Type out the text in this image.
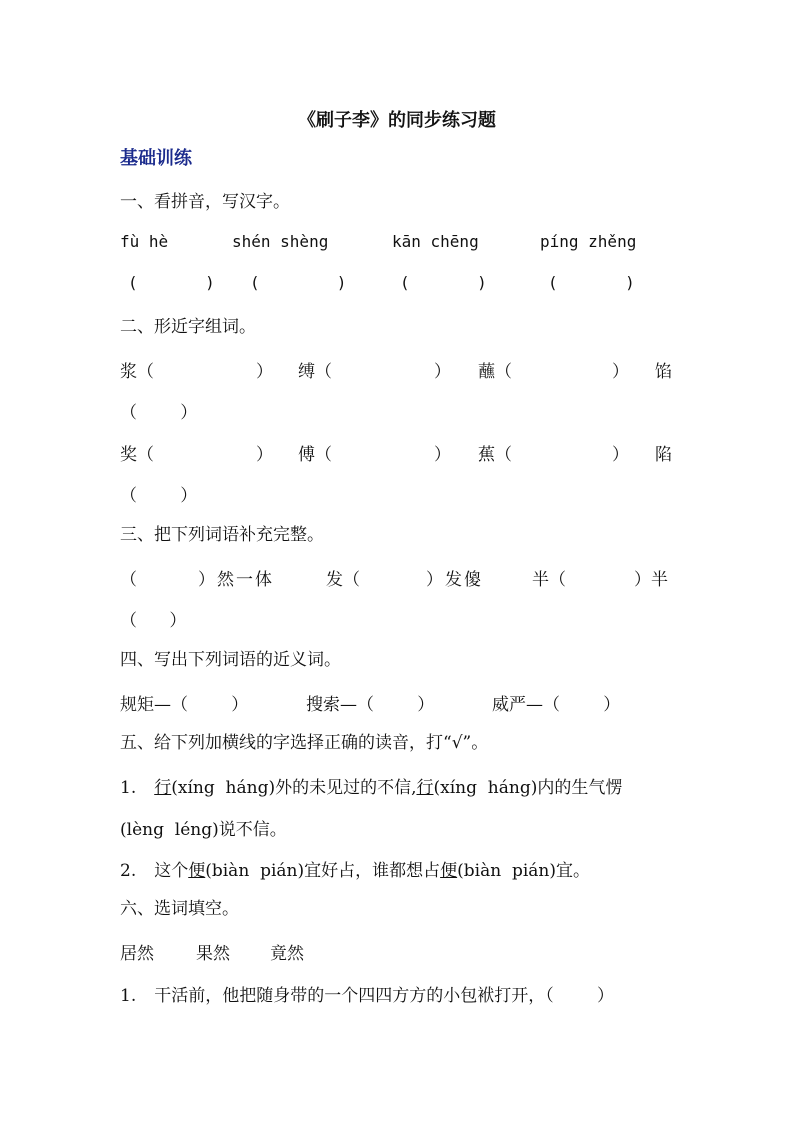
《刷子李》的同步练习题
基础训练
一、看拼音，写汉字。
fù hè	shén shèng	kān chēng	píng zhěng
(       ) (        )	(       )	(       )
二、形近字组词。
浆（	） 缚（	） 蘸（	） 馅
（        ）
奖（	） 傅（	） 蕉（	） 陷
（        ）
三、把下列词语补充完整。
（	）然一体	发（	）发傻	半（	）半
（      ）
四、写出下列词语的近义词。
规矩—（        ）	搜索—（        ）	威严—（        ）
五、给下列加横线的字选择正确的读音，打“√”。
1. 行(xíng  háng)外的未见过的不信,行(xíng  háng)内的生气愣
(lèng  léng)说不信。
2. 这个便(biàn  pián)宜好占，谁都想占便(biàn  pián)宜。
六、选词填空。
居然 果然 竟然
1. 干活前，他把随身带的一个四四方方的小包袱打开，（        ）
